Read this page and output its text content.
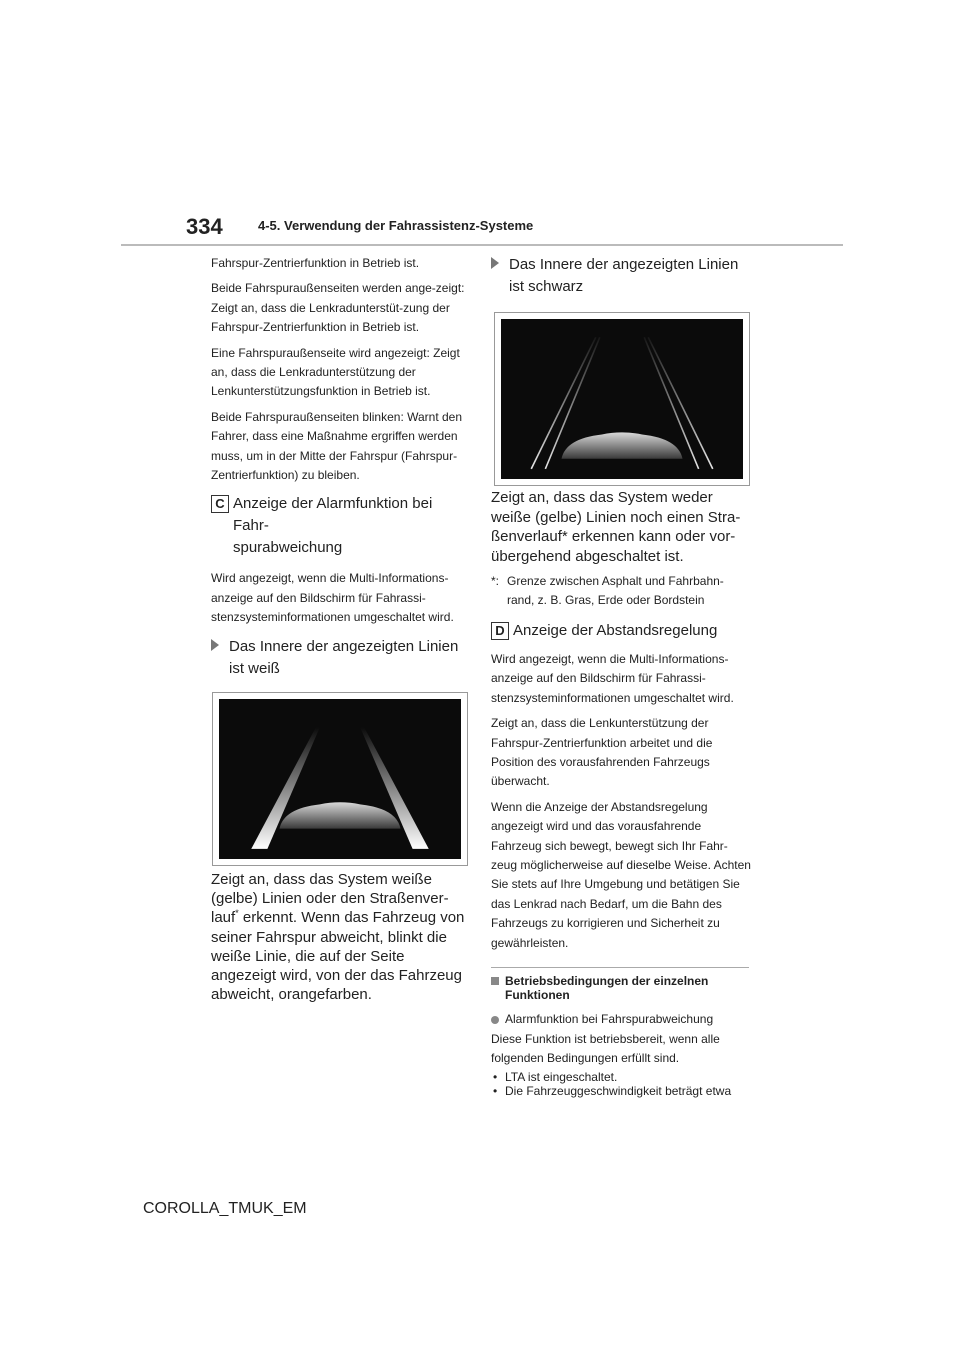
334	4-5. Verwendung der Fahrassistenz-Systeme

Fahrspur-Zentrierfunktion in Betrieb ist.

Beide Fahrspuraußenseiten werden ange-zeigt: Zeigt an, dass die Lenkradunterstüt-zung der Fahrspur-Zentrierfunktion in Betrieb ist.

Eine Fahrspuraußenseite wird angezeigt: Zeigt an, dass die Lenkradunterstützung der Lenkunterstützungsfunktion in Betrieb ist.

Beide Fahrspuraußenseiten blinken: Warnt den Fahrer, dass eine Maßnahme ergriffen werden muss, um in der Mitte der Fahrspur (Fahrspur-Zentrierfunktion) zu bleiben.

C Anzeige der Alarmfunktion bei Fahr-
spurabweichung

Wird angezeigt, wenn die Multi-Informations-anzeige auf den Bildschirm für Fahrassi-stenzsysteminformationen umgeschaltet wird.

Das Innere der angezeigten Linien
ist weiß

Zeigt an, dass das System weiße (gelbe) Linien oder den Straßenver-lauf* erkennt. Wenn das Fahrzeug von seiner Fahrspur abweicht, blinkt die weiße Linie, die auf der Seite angezeigt wird, von der das Fahrzeug abweicht, orangefarben.

Das Innere der angezeigten Linien
ist schwarz

Zeigt an, dass das System weder weiße (gelbe) Linien noch einen Stra-ßenverlauf* erkennen kann oder vor-übergehend abgeschaltet ist.

*: Grenze zwischen Asphalt und Fahrbahn-rand, z. B. Gras, Erde oder Bordstein
D Anzeige der Abstandsregelung

Wird angezeigt, wenn die Multi-Informations-anzeige auf den Bildschirm für Fahrassi-stenzsysteminformationen umgeschaltet wird.

Zeigt an, dass die Lenkunterstützung der Fahrspur-Zentrierfunktion arbeitet und die Position des vorausfahrenden Fahrzeugs überwacht.

Wenn die Anzeige der Abstandsregelung angezeigt wird und das vorausfahrende Fahrzeug sich bewegt, bewegt sich Ihr Fahr-zeug möglicherweise auf dieselbe Weise. Achten Sie stets auf Ihre Umgebung und betätigen Sie das Lenkrad nach Bedarf, um die Bahn des Fahrzeugs zu korrigieren und Sicherheit zu gewährleisten.

Betriebsbedingungen der einzelnen Funktionen
Alarmfunktion bei Fahrspurabweichung

Diese Funktion ist betriebsbereit, wenn alle folgenden Bedingungen erfüllt sind.

• LTA ist eingeschaltet.
• Die Fahrzeuggeschwindigkeit beträgt etwa
COROLLA_TMUK_EM
